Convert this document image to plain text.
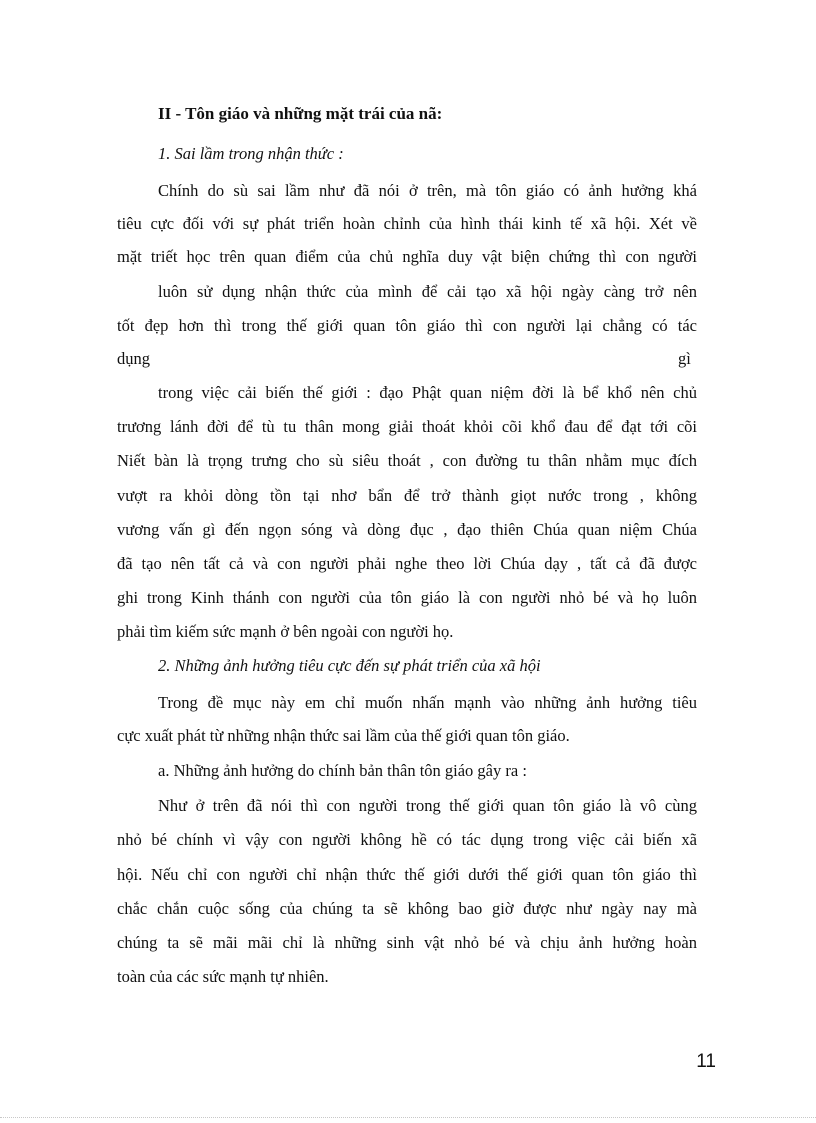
II - Tôn giáo và những mặt trái của nã:
1. Sai lầm trong nhận thức :
Chính do sù sai lầm như đã nói ở trên, mà tôn giáo có ảnh hưởng khá
tiêu cực đối với sự phát triển hoàn chỉnh của hình thái kinh tế xã hội. Xét về
mặt triết học trên quan điểm của chủ nghĩa duy vật biện chứng thì con người
luôn sử dụng nhận thức của mình để cải tạo xã hội ngày càng trở nên
tốt đẹp hơn thì trong thế giới quan tôn giáo thì con người lại chẳng có tác
dụng	gì
trong việc cải biến thế giới : đạo Phật quan niệm đời là bể khổ nên chủ
trương lánh đời để tù tu thân mong giải thoát khỏi cõi khổ đau để đạt tới cõi
Niết bàn là trọng trưng cho sù siêu thoát , con đường tu thân nhằm mục đích
vượt ra khỏi dòng tồn tại nhơ bẩn để trở thành giọt nước trong , không
vương vấn gì đến ngọn sóng và dòng đục , đạo thiên Chúa quan niệm Chúa
đã tạo nên tất cả và con người phải nghe theo lời Chúa dạy , tất cả đã được
ghi trong Kinh thánh con người của tôn giáo là con người nhỏ bé và họ luôn
phải tìm kiếm sức mạnh ở bên ngoài con người họ.
2. Những ảnh hưởng tiêu cực đến sự phát triển của xã hội
Trong đề mục này em chỉ muốn nhấn mạnh vào những ảnh hưởng tiêu
cực xuất phát từ những nhận thức sai lầm của thế giới quan tôn giáo.
a. Những ảnh hưởng do chính bản thân tôn giáo gây ra :
Như ở trên đã nói thì con người trong thế giới quan tôn giáo là vô cùng
nhỏ bé chính vì vậy con người không hề có tác dụng trong việc cải biến xã
hội. Nếu chỉ con người chỉ nhận thức thế giới dưới thế giới quan tôn giáo thì
chắc chắn cuộc sống của chúng ta sẽ không bao giờ được như ngày nay mà
chúng ta sẽ mãi mãi chỉ là những sinh vật nhỏ bé và chịu ảnh hưởng hoàn
toàn của các sức mạnh tự nhiên.
11
